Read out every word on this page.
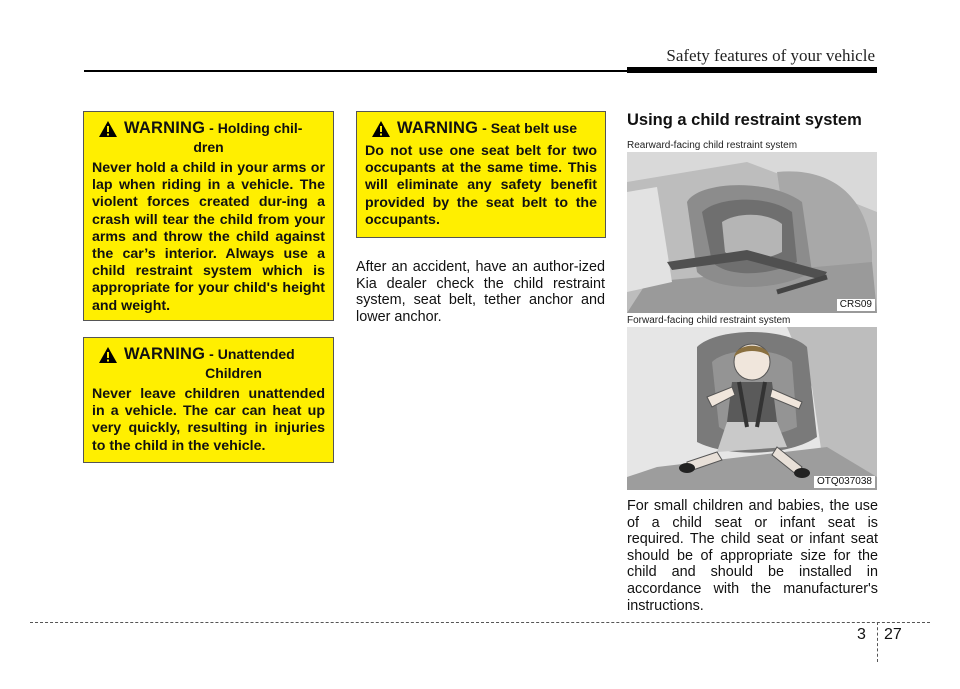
Safety features of your vehicle
WARNING - Holding chil-
dren
Never hold a child in your arms or lap when riding in a vehicle. The violent forces created dur-ing a crash will tear the child from your arms and throw the child against the car’s interior. Always use a child restraint system which is appropriate for your child's height and weight.
WARNING - Unattended
Children
Never leave children unattended in a vehicle. The car can heat up very quickly, resulting in injuries to the child in the vehicle.
WARNING - Seat belt use
Do not use one seat belt for two occupants at the same time. This will eliminate any safety benefit provided by the seat belt to the occupants.
After an accident, have an author-ized Kia dealer check the child restraint system, seat belt, tether anchor and lower anchor.
Using a child restraint system
Rearward-facing child restraint system
CRS09
Forward-facing child restraint system
OTQ037038
For small children and babies, the use of a child seat or infant seat is required. The child seat or infant seat should be of appropriate size for the child and should be installed in accordance with the manufacturer's instructions.
3 27
